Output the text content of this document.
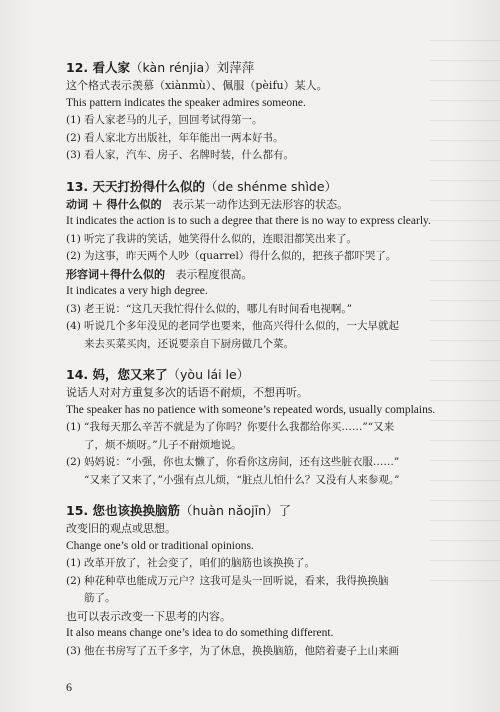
12. 看人家（kàn rénjia）刘萍萍
这个格式表示羡慕（xiànmù）、佩服（pèifu）某人。
This pattern indicates the speaker admires someone.
(1) 看人家老马的儿子，回回考试得第一。
(2) 看人家北方出版社，年年能出一两本好书。
(3) 看人家，汽车、房子、名牌时装，什么都有。
13. 天天打扮得什么似的（de shénme shìde）
动词 ＋ 得什么似的 表示某一动作达到无法形容的状态。
It indicates the action is to such a degree that there is no way to express clearly.
(1) 听完了我讲的笑话，她笑得什么似的，连眼泪都笑出来了。
(2) 为这事，昨天两个人吵（quarrel）得什么似的，把孩子都吓哭了。
形容词＋得什么似的 表示程度很高。
It indicates a very high degree.
(3) 老王说：“这几天我忙得什么似的，哪儿有时间看电视啊。”
(4) 听说几个多年没见的老同学也要来，他高兴得什么似的，一大早就起
来去买菜买肉，还说要亲自下厨房做几个菜。
14. 妈，您又来了（yòu lái le）
说话人对对方重复多次的话语不耐烦，不想再听。
The speaker has no patience with someone’s repeated words, usually complains.
(1) “我每天那么辛苦不就是为了你吗？你要什么我都给你买……”“又来
了，烦不烦呀。”儿子不耐烦地说。
(2) 妈妈说：“小强，你也太懒了，你看你这房间，还有这些脏衣服……”
“又来了又来了，”小强有点儿烦，“脏点儿怕什么？又没有人来参观。”
15. 您也该换换脑筋（huàn nǎojīn）了
改变旧的观点或思想。
Change one’s old or traditional opinions.
(1) 改革开放了，社会变了，咱们的脑筋也该换换了。
(2) 种花种草也能成万元户？这我可是头一回听说，看来，我得换换脑
筋了。
也可以表示改变一下思考的内容。
It also means change one’s idea to do something different.
(3) 他在书房写了五千多字，为了休息，换换脑筋，他陪着妻子上山来画
6
